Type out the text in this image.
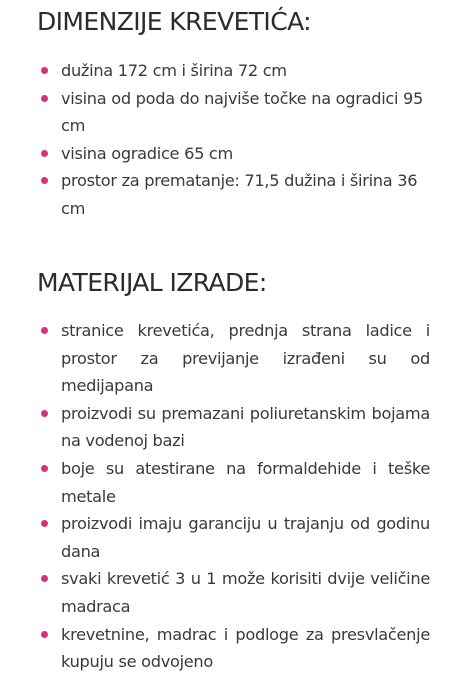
DIMENZIJE KREVETIĆA:
dužina 172 cm i širina 72 cm
visina od poda do najviše točke na ogradici 95 cm
visina ogradice 65 cm
prostor za prematanje: 71,5 dužina i širina 36 cm
MATERIJAL IZRADE:
stranice krevetića, prednja strana ladice i prostor za previjanje izrađeni su od medijapana
proizvodi su premazani poliuretanskim bojama na vodenoj bazi
boje su atestirane na formaldehide i teške metale
proizvodi imaju garanciju u trajanju od godinu dana
svaki krevetić 3 u 1 može korisiti dvije veličine madraca
krevetnine, madrac i podloge za presvlačenje kupuju se odvojeno
